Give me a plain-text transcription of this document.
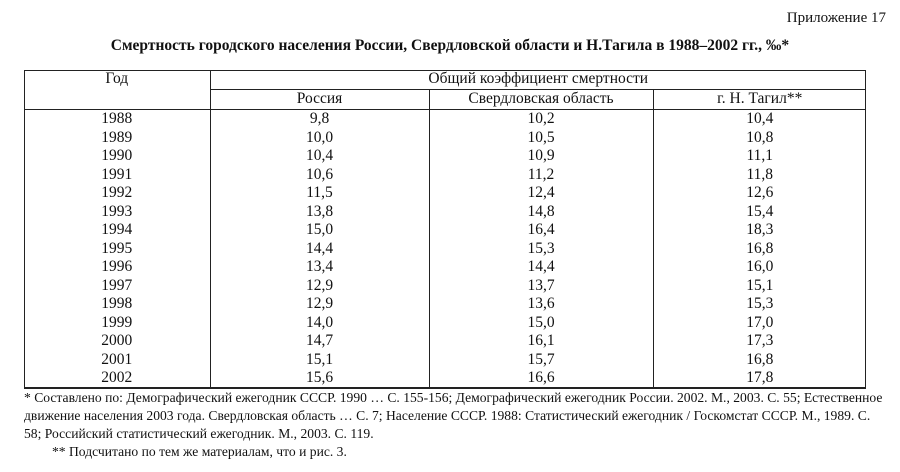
Приложение 17
Смертность городского населения России, Свердловской области и Н.Тагила в 1988–2002 гг., ‰*
Год	Общий коэффициент смертности		
	Россия	Свердловская область	г. Н. Тагил**
1988	9,8	10,2	10,4
1989	10,0	10,5	10,8
1990	10,4	10,9	11,1
1991	10,6	11,2	11,8
1992	11,5	12,4	12,6
1993	13,8	14,8	15,4
1994	15,0	16,4	18,3
1995	14,4	15,3	16,8
1996	13,4	14,4	16,0
1997	12,9	13,7	15,1
1998	12,9	13,6	15,3
1999	14,0	15,0	17,0
2000	14,7	16,1	17,3
2001	15,1	15,7	16,8
2002	15,6	16,6	17,8
* Составлено по: Демографический ежегодник СССР. 1990 … С. 155-156; Демографический ежегодник России. 2002. М., 2003. С. 55; Естественное движение населения 2003 года. Свердловская область … С. 7; Население СССР. 1988: Статистический ежегодник / Госкомстат СССР. М., 1989. С. 58; Российский статистический ежегодник. М., 2003. С. 119.
** Подсчитано по тем же материалам, что и рис. 3.
